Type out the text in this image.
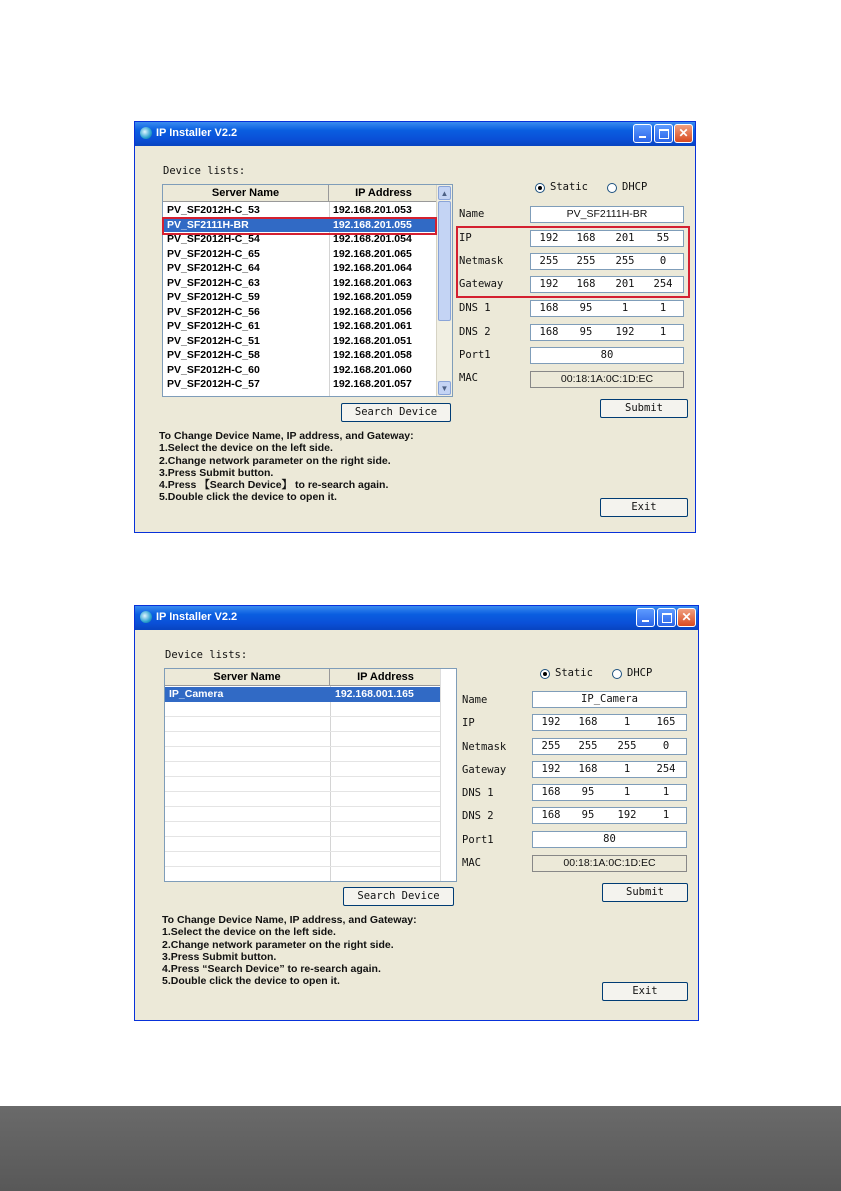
IP Installer V2.2	✕
Device lists:
Server Name	IP Address
PV_SF2012H-C_53	192.168.201.053
PV_SF2111H-BR	192.168.201.055
PV_SF2012H-C_54	192.168.201.054
PV_SF2012H-C_65	192.168.201.065
PV_SF2012H-C_64	192.168.201.064
PV_SF2012H-C_63	192.168.201.063
PV_SF2012H-C_59	192.168.201.059
PV_SF2012H-C_56	192.168.201.056
PV_SF2012H-C_61	192.168.201.061
PV_SF2012H-C_51	192.168.201.051
PV_SF2012H-C_58	192.168.201.058
PV_SF2012H-C_60	192.168.201.060
PV_SF2012H-C_57	192.168.201.057
▲
▼
Static	DHCP
Name	PV_SF2111H-BR
IP	192	168	201	55
Netmask	255	255	255	0
Gateway	192	168	201	254
DNS 1	168	95	1	1
DNS 2	168	95	192	1
Port1	80
MAC	00:18:1A:0C:1D:EC
Search Device	Submit
Exit
To Change Device Name, IP address, and Gateway:
1.Select the device on the left side.
2.Change network parameter on the right side.
3.Press Submit button.
4.Press 【Search Device】 to re-search again.
5.Double click the device to open it.
IP Installer V2.2	✕
Device lists:
Server Name	IP Address
IP_Camera	192.168.001.165
Static	DHCP
Name	IP_Camera
IP	192	168	1	165
Netmask	255	255	255	0
Gateway	192	168	1	254
DNS 1	168	95	1	1
DNS 2	168	95	192	1
Port1	80
MAC	00:18:1A:0C:1D:EC
Search Device	Submit
Exit
To Change Device Name, IP address, and Gateway:
1.Select the device on the left side.
2.Change network parameter on the right side.
3.Press Submit button.
4.Press “Search Device” to re-search again.
5.Double click the device to open it.
